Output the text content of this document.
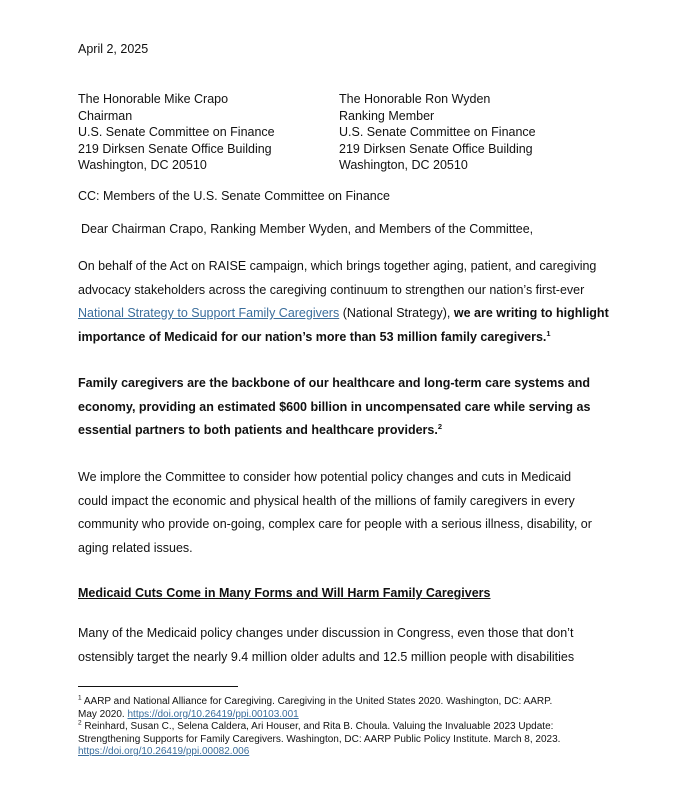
April 2, 2025
The Honorable Mike Crapo
Chairman
U.S. Senate Committee on Finance
219 Dirksen Senate Office Building
Washington, DC 20510
The Honorable Ron Wyden
Ranking Member
U.S. Senate Committee on Finance
219 Dirksen Senate Office Building
Washington, DC 20510
CC: Members of the U.S. Senate Committee on Finance
Dear Chairman Crapo, Ranking Member Wyden, and Members of the Committee,
On behalf of the Act on RAISE campaign, which brings together aging, patient, and caregiving
advocacy stakeholders across the caregiving continuum to strengthen our nation’s first-ever
National Strategy to Support Family Caregivers (National Strategy), we are writing to highlight
importance of Medicaid for our nation’s more than 53 million family caregivers.$^1$
Family caregivers are the backbone of our healthcare and long-term care systems and
economy, providing an estimated $600 billion in uncompensated care while serving as
essential partners to both patients and healthcare providers.$^2$
We implore the Committee to consider how potential policy changes and cuts in Medicaid
could impact the economic and physical health of the millions of family caregivers in every
community who provide on-going, complex care for people with a serious illness, disability, or
aging related issues.
Medicaid Cuts Come in Many Forms and Will Harm Family Caregivers
Many of the Medicaid policy changes under discussion in Congress, even those that don’t
ostensibly target the nearly 9.4 million older adults and 12.5 million people with disabilities
$^1$ AARP and National Alliance for Caregiving. Caregiving in the United States 2020. Washington, DC: AARP.
May 2020. https://doi.org/10.26419/ppi.00103.001
$^2$ Reinhard, Susan C., Selena Caldera, Ari Houser, and Rita B. Choula. Valuing the Invaluable 2023 Update:
Strengthening Supports for Family Caregivers. Washington, DC: AARP Public Policy Institute. March 8, 2023.
https://doi.org/10.26419/ppi.00082.006
